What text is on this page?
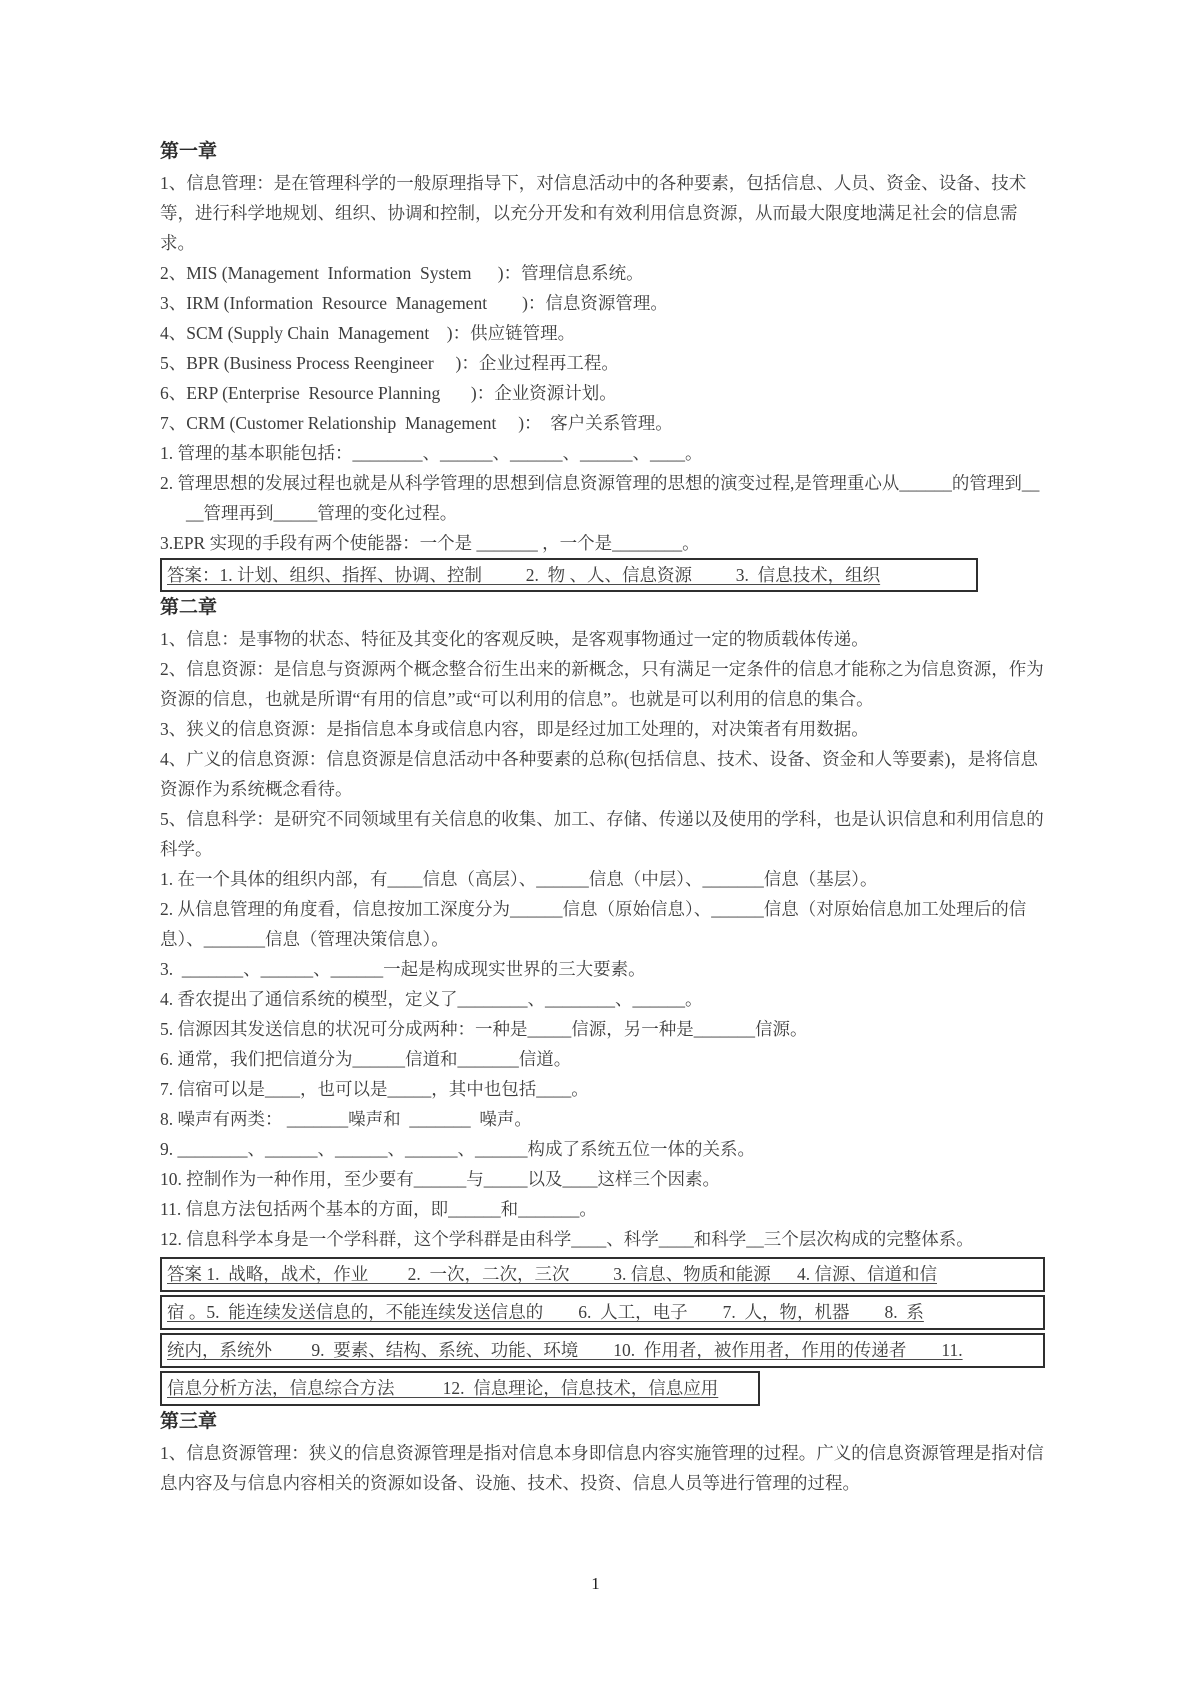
第一章

1、信息管理：是在管理科学的一般原理指导下，对信息活动中的各种要素，包括信息、人员、资金、设备、技术等，进行科学地规划、组织、协调和控制，以充分开发和有效利用信息资源，从而最大限度地满足社会的信息需求。

2、MIS (Management  Information  System      )：管理信息系统。

3、IRM (Information  Resource  Management        )：信息资源管理。

4、SCM (Supply Chain  Management    )：供应链管理。

5、BPR (Business Process Reengineer     )：企业过程再工程。

6、ERP (Enterprise  Resource Planning       )：企业资源计划。

7、CRM (Customer Relationship  Management     )：  客户关系管理。

1. 管理的基本职能包括：________、______、______、______、____。

2. 管理思想的发展过程也就是从科学管理的思想到信息资源管理的思想的演变过程,是管理重心从______的管理到____管理再到_____管理的变化过程。

3.EPR 实现的手段有两个使能器：一个是 _______ ，一个是________。

答案：1. 计划、组织、指挥、协调、控制          2.  物 、人、信息资源          3.  信息技术，组织

第二章

1、信息：是事物的状态、特征及其变化的客观反映，是客观事物通过一定的物质载体传递。

2、信息资源：是信息与资源两个概念整合衍生出来的新概念，只有满足一定条件的信息才能称之为信息资源，作为资源的信息，也就是所谓“有用的信息”或“可以利用的信息”。也就是可以利用的信息的集合。

3、狭义的信息资源：是指信息本身或信息内容，即是经过加工处理的，对决策者有用数据。

4、广义的信息资源：信息资源是信息活动中各种要素的总称(包括信息、技术、设备、资金和人等要素)，是将信息资源作为系统概念看待。

5、信息科学：是研究不同领域里有关信息的收集、加工、存储、传递以及使用的学科，也是认识信息和利用信息的科学。

1. 在一个具体的组织内部，有____信息（高层）、______信息（中层）、_______信息（基层）。

2. 从信息管理的角度看，信息按加工深度分为______信息（原始信息）、______信息（对原始信息加工处理后的信息）、_______信息（管理决策信息）。

3.  _______、______、______一起是构成现实世界的三大要素。

4. 香农提出了通信系统的模型，定义了________、________、______。

5. 信源因其发送信息的状况可分成两种：一种是_____信源，另一种是_______信源。

6. 通常，我们把信道分为______信道和_______信道。

7. 信宿可以是____，也可以是_____，其中也包括____。

8. 噪声有两类： _______噪声和  _______  噪声。

9. ________、______、______、______、______构成了系统五位一体的关系。

10. 控制作为一种作用，至少要有______与_____以及____这样三个因素。

11. 信息方法包括两个基本的方面，即______和_______。

12. 信息科学本身是一个学科群，这个学科群是由科学____、科学____和科学__三个层次构成的完整体系。

答案 1.  战略，战术，作业         2.  一次，二次，三次          3. 信息、物质和能源      4. 信源、信道和信

宿 。5.  能连续发送信息的，不能连续发送信息的        6.  人工，电子        7.  人，物，机器        8.  系

统内，系统外         9.  要素、结构、系统、功能、环境        10.  作用者，被作用者，作用的传递者        11.

信息分析方法，信息综合方法           12.  信息理论，信息技术，信息应用

第三章

1、信息资源管理：狭义的信息资源管理是指对信息本身即信息内容实施管理的过程。广义的信息资源管理是指对信息内容及与信息内容相关的资源如设备、设施、技术、投资、信息人员等进行管理的过程。

1
